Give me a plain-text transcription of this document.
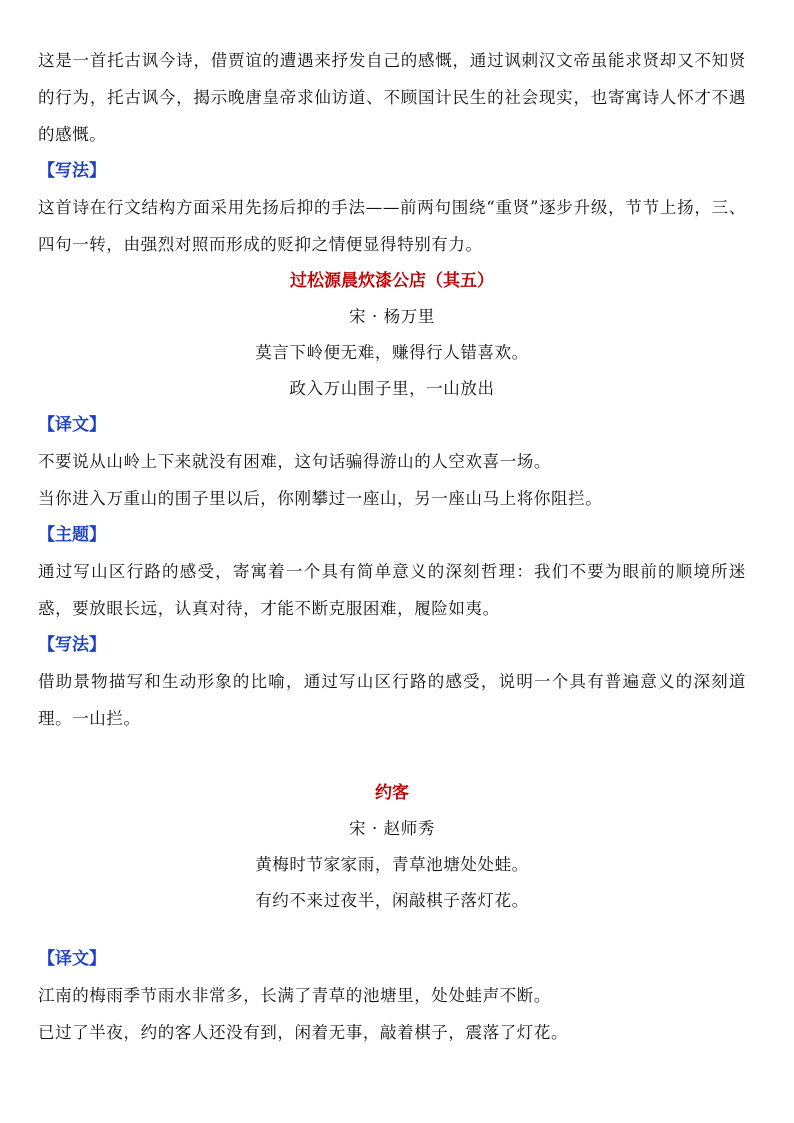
这是一首托古讽今诗，借贾谊的遭遇来抒发自己的感慨，通过讽刺汉文帝虽能求贤却又不知贤的行为，托古讽今，揭示晚唐皇帝求仙访道、不顾国计民生的社会现实，也寄寓诗人怀才不遇的感慨。

【写法】

这首诗在行文结构方面采用先扬后抑的手法——前两句围绕“重贤”逐步升级，节节上扬，三、四句一转，由强烈对照而形成的贬抑之情便显得特别有力。

过松源晨炊漆公店（其五）

宋 · 杨万里

莫言下岭便无难，赚得行人错喜欢。

政入万山围子里，一山放出

【译文】

不要说从山岭上下来就没有困难，这句话骗得游山的人空欢喜一场。

当你进入万重山的围子里以后，你刚攀过一座山，另一座山马上将你阻拦。

【主题】

通过写山区行路的感受，寄寓着一个具有简单意义的深刻哲理：我们不要为眼前的顺境所迷惑，要放眼长远，认真对待，才能不断克服困难，履险如夷。

【写法】

借助景物描写和生动形象的比喻，通过写山区行路的感受，说明一个具有普遍意义的深刻道理。一山拦。

约客

宋 · 赵师秀

黄梅时节家家雨，青草池塘处处蛙。

有约不来过夜半，闲敲棋子落灯花。

【译文】

江南的梅雨季节雨水非常多，长满了青草的池塘里，处处蛙声不断。

已过了半夜，约的客人还没有到，闲着无事，敲着棋子，震落了灯花。
